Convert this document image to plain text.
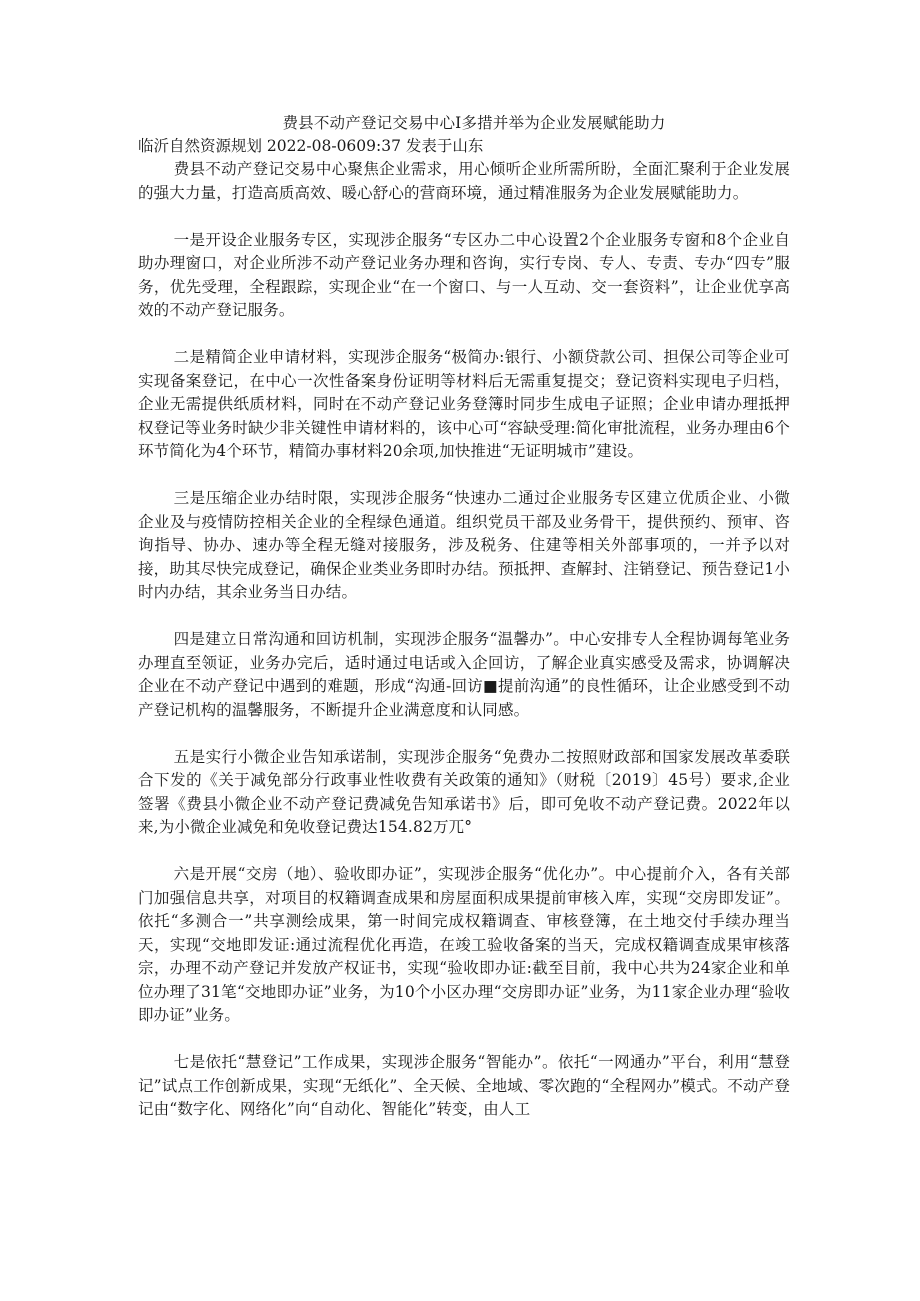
费县不动产登记交易中心I多措并举为企业发展赋能助力
临沂自然资源规划 2022-08-0609:37 发表于山东

费县不动产登记交易中心聚焦企业需求，用心倾听企业所需所盼，全面汇聚利于企业发展的强大力量，打造高质高效、暖心舒心的营商环境，通过精准服务为企业发展赋能助力。

一是开设企业服务专区，实现涉企服务“专区办二中心设置2个企业服务专窗和8个企业自助办理窗口，对企业所涉不动产登记业务办理和咨询，实行专岗、专人、专责、专办“四专”服务，优先受理，全程跟踪，实现企业“在一个窗口、与一人互动、交一套资料”，让企业优享高效的不动产登记服务。

二是精简企业申请材料，实现涉企服务“极简办:银行、小额贷款公司、担保公司等企业可实现备案登记，在中心一次性备案身份证明等材料后无需重复提交；登记资料实现电子归档，企业无需提供纸质材料，同时在不动产登记业务登簿时同步生成电子证照；企业申请办理抵押权登记等业务时缺少非关键性申请材料的，该中心可“容缺受理:简化审批流程，业务办理由6个环节简化为4个环节，精简办事材料20余项,加快推进“无证明城市”建设。

三是压缩企业办结时限，实现涉企服务“快速办二通过企业服务专区建立优质企业、小微企业及与疫情防控相关企业的全程绿色通道。组织党员干部及业务骨干，提供预约、预审、咨询指导、协办、速办等全程无缝对接服务，涉及税务、住建等相关外部事项的，一并予以对接，助其尽快完成登记，确保企业类业务即时办结。预抵押、查解封、注销登记、预告登记1小时内办结，其余业务当日办结。

四是建立日常沟通和回访机制，实现涉企服务“温馨办”。中心安排专人全程协调每笔业务办理直至领证，业务办完后，适时通过电话或入企回访，了解企业真实感受及需求，协调解决企业在不动产登记中遇到的难题，形成“沟通-回访■提前沟通”的良性循环，让企业感受到不动产登记机构的温馨服务，不断提升企业满意度和认同感。

五是实行小微企业告知承诺制，实现涉企服务“免费办二按照财政部和国家发展改革委联合下发的《关于减免部分行政事业性收费有关政策的通知》（财税〔2019〕45号）要求,企业签署《费县小微企业不动产登记费减免告知承诺书》后，即可免收不动产登记费。2022年以来,为小微企业减免和免收登记费达154.82万兀°

六是开展“交房（地）、验收即办证”，实现涉企服务“优化办”。中心提前介入，各有关部门加强信息共享，对项目的权籍调查成果和房屋面积成果提前审核入库，实现“交房即发证”。依托“多测合一”共享测绘成果，第一时间完成权籍调查、审核登簿，在土地交付手续办理当天，实现“交地即发证:通过流程优化再造，在竣工验收备案的当天，完成权籍调查成果审核落宗，办理不动产登记并发放产权证书，实现“验收即办证:截至目前，我中心共为24家企业和单位办理了31笔“交地即办证”业务，为10个小区办理“交房即办证”业务，为11家企业办理“验收即办证”业务。

七是依托“慧登记”工作成果，实现涉企服务“智能办”。依托“一网通办”平台，利用“慧登记”试点工作创新成果，实现“无纸化”、全天候、全地域、零次跑的“全程网办”模式。不动产登记由“数字化、网络化”向“自动化、智能化”转变，由人工
